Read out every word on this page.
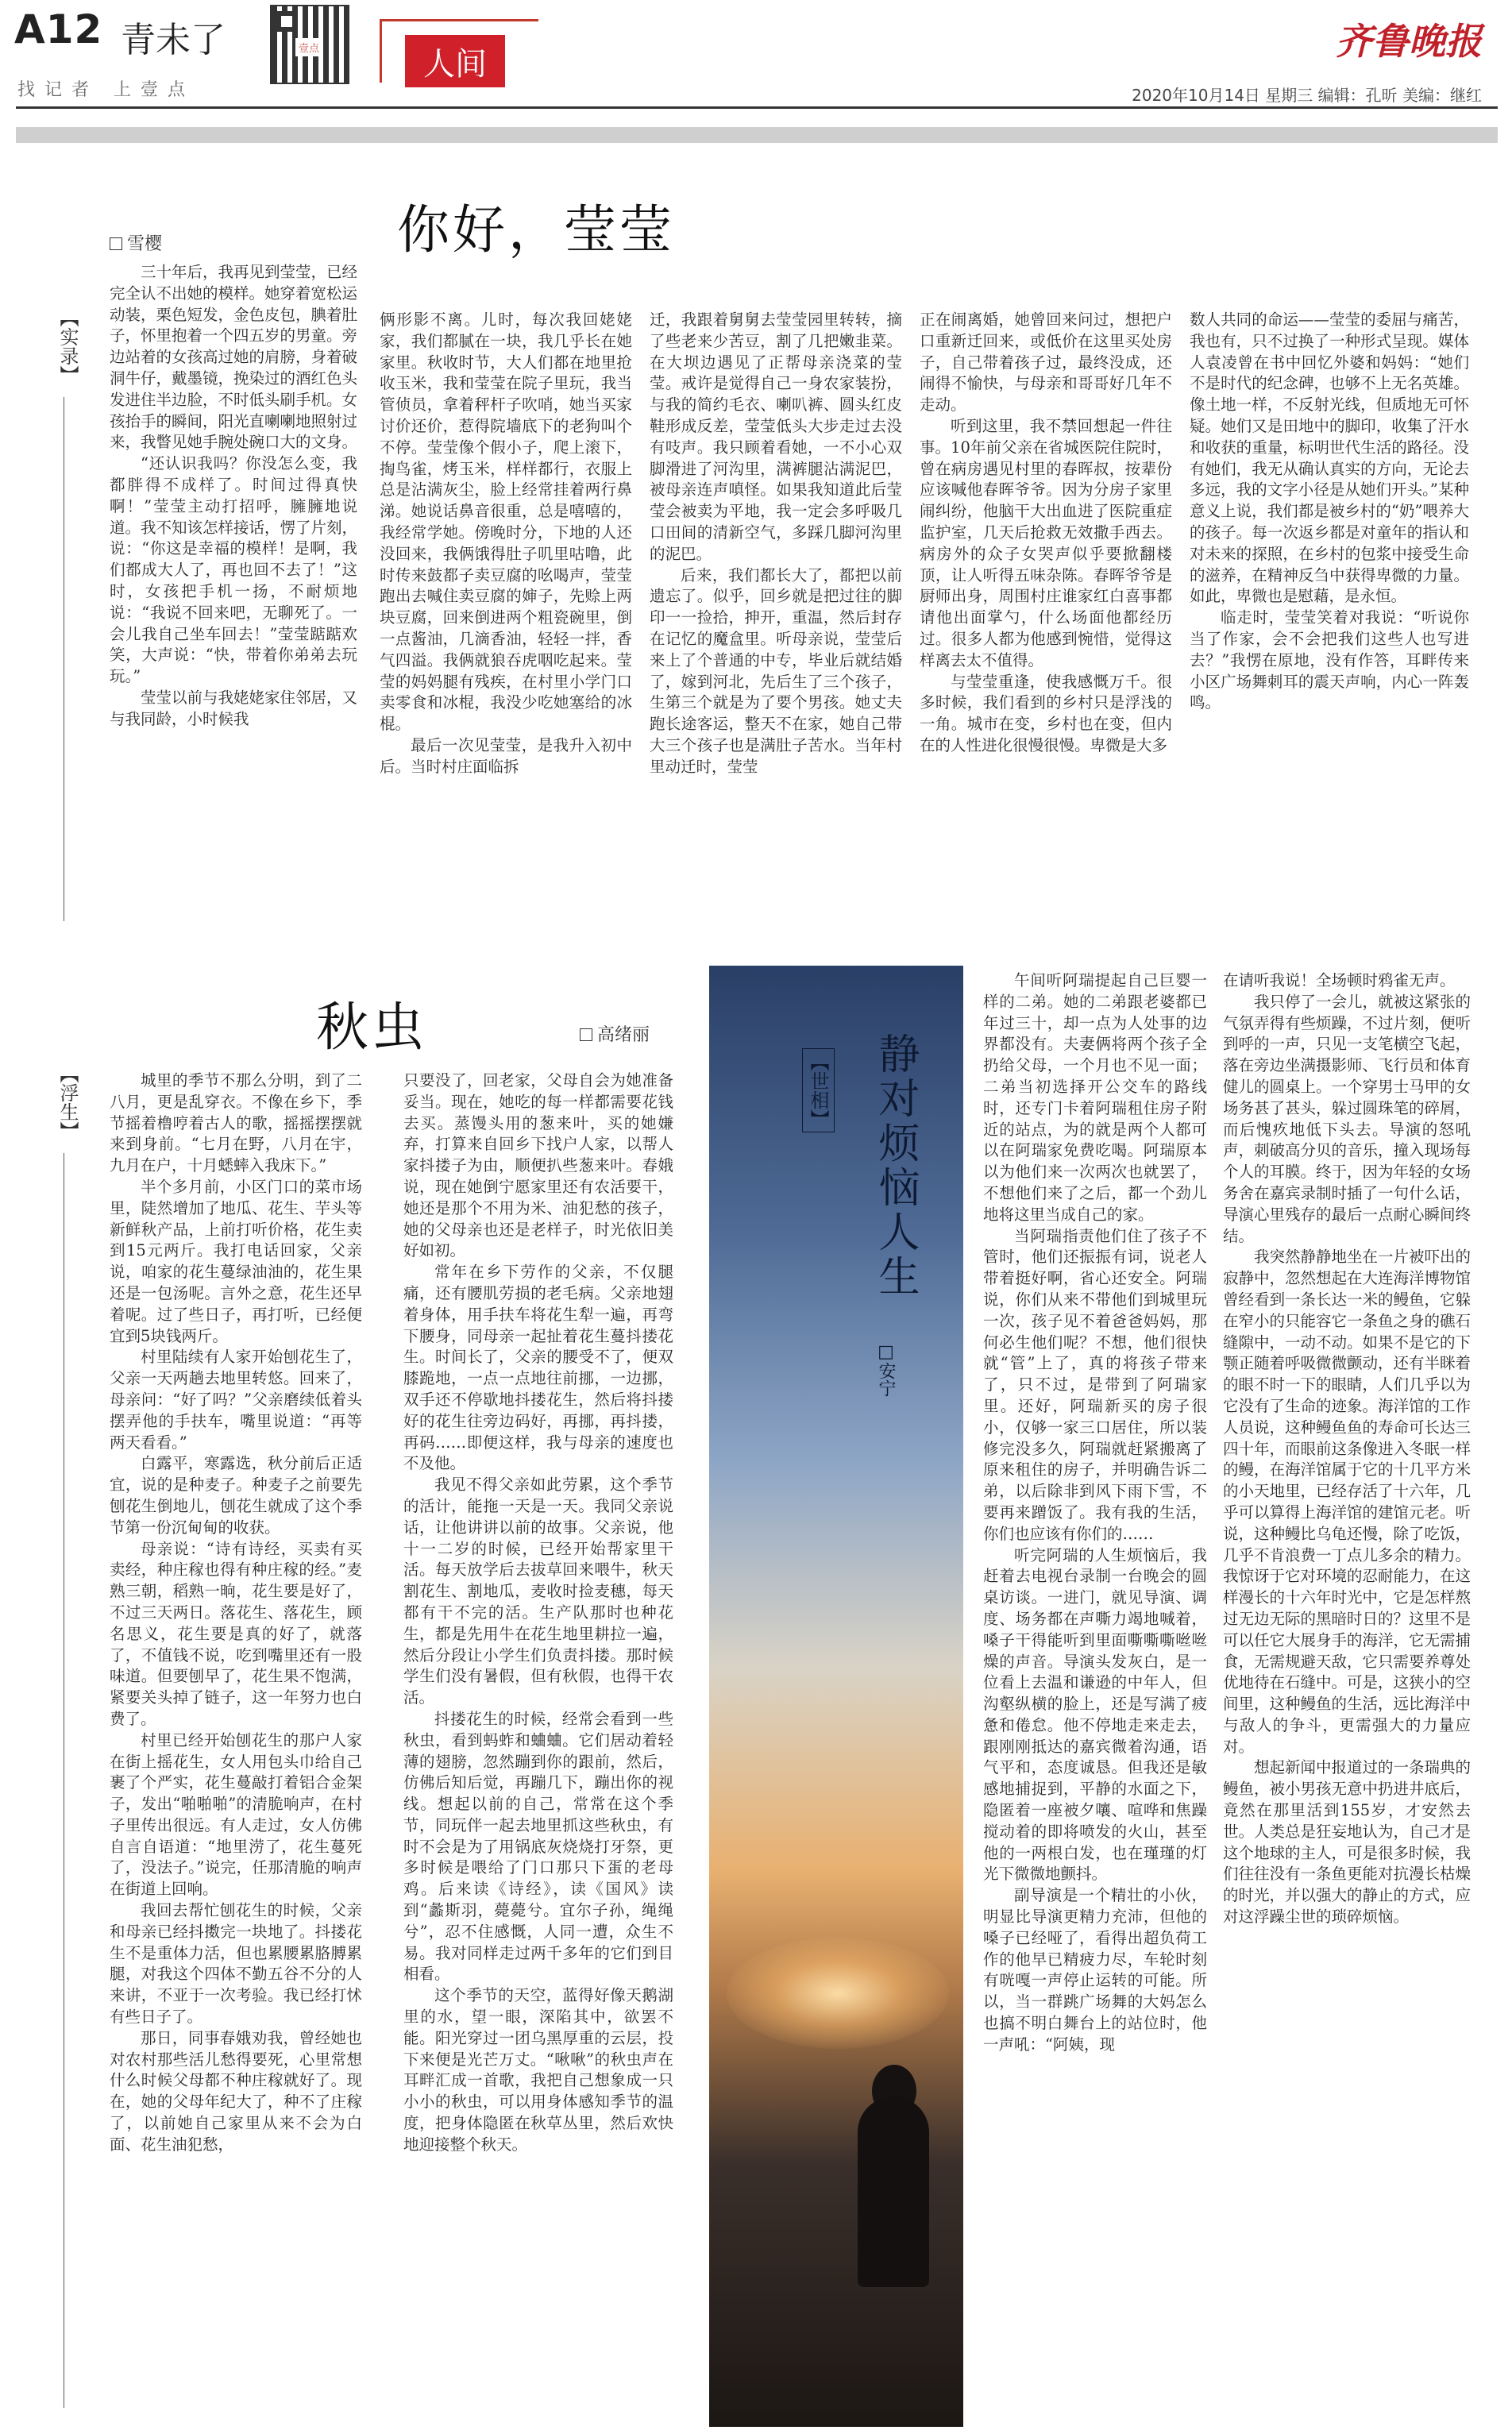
A12 青未了
找记者 上壹点
壹点	人间
齐鲁晚报
2020年10月14日 星期三 编辑：孔昕 美编：继红
你好，莹莹
雪樱
【实录】

三十年后，我再见到莹莹，已经完全认不出她的模样。她穿着宽松运动装，栗色短发，金色皮包，腆着肚子，怀里抱着一个四五岁的男童。旁边站着的女孩高过她的肩膀，身着破洞牛仔，戴墨镜，挽染过的酒红色头发进住半边脸，不时低头刷手机。女孩抬手的瞬间，阳光直喇喇地照射过来，我瞥见她手腕处碗口大的文身。

“还认识我吗？你没怎么变，我都胖得不成样了。时间过得真快啊！”莹莹主动打招呼，臃臃地说道。我不知该怎样接话，愣了片刻，说：“你这是幸福的模样！是啊，我们都成大人了，再也回不去了！”这时，女孩把手机一扬，不耐烦地说：“我说不回来吧，无聊死了。一会儿我自己坐车回去！”莹莹踮踮欢笑，大声说：“快，带着你弟弟去玩玩。”

莹莹以前与我姥姥家住邻居，又与我同龄，小时候我

俩形影不离。儿时，每次我回姥姥家，我们都腻在一块，我几乎长在她家里。秋收时节，大人们都在地里抢收玉米，我和莹莹在院子里玩，我当管侦员，拿着秤杆子吹哨，她当买家讨价还价，惹得院墙底下的老狗叫个不停。莹莹像个假小子，爬上滚下，掏鸟雀，烤玉米，样样都行，衣服上总是沾满灰尘，脸上经常挂着两行鼻涕。她说话鼻音很重，总是嘻嘻的，我经常学她。傍晚时分，下地的人还没回来，我俩饿得肚子叽里咕噜，此时传来鼓都子卖豆腐的吆喝声，莹莹跑出去喊住卖豆腐的婶子，先赊上两块豆腐，回来倒进两个粗瓷碗里，倒一点酱油，几滴香油，轻轻一拌，香气四溢。我俩就狼吞虎咽吃起来。莹莹的妈妈腿有残疾，在村里小学门口卖零食和冰棍，我没少吃她塞给的冰棍。

最后一次见莹莹，是我升入初中后。当时村庄面临拆

迁，我跟着舅舅去莹莹园里转转，摘了些老来少苦豆，割了几把嫩韭菜。在大坝边遇见了正帮母亲浇菜的莹莹。戒许是觉得自己一身农家装扮，与我的简约毛衣、喇叭裤、圆头红皮鞋形成反差，莹莹低头大步走过去没有吱声。我只顾着看她，一不小心双脚滑进了河沟里，满裤腿沾满泥巴，被母亲连声嗔怪。如果我知道此后莹莹会被卖为平地，我一定会多呼吸几口田间的清新空气，多踩几脚河沟里的泥巴。

后来，我们都长大了，都把以前遗忘了。似乎，回乡就是把过往的脚印一一捡拾，抻开，重温，然后封存在记忆的魔盒里。听母亲说，莹莹后来上了个普通的中专，毕业后就结婚了，嫁到河北，先后生了三个孩子，生第三个就是为了要个男孩。她丈夫跑长途客运，整天不在家，她自己带大三个孩子也是满肚子苦水。当年村里动迁时，莹莹

正在闹离婚，她曾回来问过，想把户口重新迁回来，或低价在这里买处房子，自己带着孩子过，最终没成，还闹得不愉快，与母亲和哥哥好几年不走动。

听到这里，我不禁回想起一件往事。10年前父亲在省城医院住院时，曾在病房遇见村里的春晖叔，按辈份应该喊他春晖爷爷。因为分房子家里闹纠纷，他脑干大出血进了医院重症监护室，几天后抢救无效撒手西去。病房外的众子女哭声似乎要掀翻楼顶，让人听得五味杂陈。春晖爷爷是厨师出身，周围村庄谁家红白喜事都请他出面掌勺，什么场面他都经历过。很多人都为他感到惋惜，觉得这样离去太不值得。

与莹莹重逢，使我感慨万千。很多时候，我们看到的乡村只是浮浅的一角。城市在变，乡村也在变，但内在的人性进化很慢很慢。卑微是大多

数人共同的命运——莹莹的委屈与痛苦，我也有，只不过换了一种形式呈现。媒体人袁凌曾在书中回忆外婆和妈妈：“她们不是时代的纪念碑，也够不上无名英雄。像土地一样，不反射光线，但质地无可怀疑。她们又是田地中的脚印，收集了汗水和收获的重量，标明世代生活的路径。没有她们，我无从确认真实的方向，无论去多远，我的文字小径是从她们开头。”某种意义上说，我们都是被乡村的“奶”喂养大的孩子。每一次返乡都是对童年的指认和对未来的探照，在乡村的包浆中接受生命的滋养，在精神反刍中获得卑微的力量。如此，卑微也是慰藉，是永恒。

临走时，莹莹笑着对我说：“听说你当了作家，会不会把我们这些人也写进去？”我愣在原地，没有作答，耳畔传来小区广场舞刺耳的震天声响，内心一阵轰鸣。

秋虫	高绪丽
【浮生】	城里的季节不那么分明，到了二八月，更是乱穿衣。不像在乡下，季节摇着橹哼着古人的歌，摇摇摆摆就来到身前。“七月在野，八月在宇，九月在户，十月蟋蟀入我床下。”

半个多月前，小区门口的菜市场里，陡然增加了地瓜、花生、芋头等新鲜秋产品，上前打听价格，花生卖到15元两斤。我打电话回家，父亲说，咱家的花生蔓绿油油的，花生果还是一包汤呢。言外之意，花生还早着呢。过了些日子，再打听，已经便宜到5块钱两斤。

村里陆续有人家开始刨花生了，父亲一天两趟去地里转悠。回来了，母亲问：“好了吗？”父亲磨续低着头摆弄他的手扶车，嘴里说道：“再等两天看看。”

白露平，寒露选，秋分前后正适宜，说的是种麦子。种麦子之前要先刨花生倒地儿，刨花生就成了这个季节第一份沉甸甸的收获。

母亲说：“诗有诗经，买卖有买卖经，种庄稼也得有种庄稼的经。”麦熟三朝，稻熟一晌，花生要是好了，不过三天两日。落花生、落花生，顾名思义，花生要是真的好了，就落了，不值钱不说，吃到嘴里还有一股味道。但要刨早了，花生果不饱满，紧要关头掉了链子，这一年努力也白费了。

村里已经开始刨花生的那户人家在街上摇花生，女人用包头巾给自己裹了个严实，花生蔓敲打着铝合金架子，发出“啪啪啪”的清脆响声，在村子里传出很远。有人走过，女人仿佛自言自语道：“地里涝了，花生蔓死了，没法子。”说完，任那清脆的响声在街道上回响。

我回去帮忙刨花生的时候，父亲和母亲已经抖擞完一块地了。抖搂花生不是重体力活，但也累腰累胳膊累腿，对我这个四体不勤五谷不分的人来讲，不亚于一次考验。我已经打怵有些日子了。

那日，同事春娥劝我，曾经她也对农村那些活儿愁得要死，心里常想什么时候父母都不种庄稼就好了。现在，她的父母年纪大了，种不了庄稼了，以前她自己家里从来不会为白面、花生油犯愁，

只要没了，回老家，父母自会为她准备妥当。现在，她吃的每一样都需要花钱去买。蒸馒头用的葱来叶，买的她嫌弃，打算来自回乡下找户人家，以帮人家抖搂子为由，顺便扒些葱来叶。春娥说，现在她倒宁愿家里还有农活要干，她还是那个不用为米、油犯愁的孩子，她的父母亲也还是老样子，时光依旧美好如初。

常年在乡下劳作的父亲，不仅腿痛，还有腰肌劳损的老毛病。父亲地翅着身体，用手扶车将花生犁一遍，再弯下腰身，同母亲一起扯着花生蔓抖搂花生。时间长了，父亲的腰受不了，便双膝跪地，一点一点地往前挪，一边挪，双手还不停歇地抖搂花生，然后将抖搂好的花生往旁边码好，再挪，再抖搂，再码……即便这样，我与母亲的速度也不及他。

我见不得父亲如此劳累，这个季节的活计，能拖一天是一天。我同父亲说话，让他讲讲以前的故事。父亲说，他十一二岁的时候，已经开始帮家里干活。每天放学后去拔草回来喂牛，秋天割花生、割地瓜，麦收时捡麦穗，每天都有干不完的活。生产队那时也种花生，都是先用牛在花生地里耕拉一遍，然后分段让小学生们负责抖搂。那时候学生们没有暑假，但有秋假，也得干农活。

抖搂花生的时候，经常会看到一些秋虫，看到蚂蚱和蛐蛐。它们居动着轻薄的翅膀，忽然蹦到你的跟前，然后，仿佛后知后觉，再蹦几下，蹦出你的视线。想起以前的自己，常常在这个季节，同玩伴一起去地里抓这些秋虫，有时不会是为了用锅底灰烧烧打牙祭，更多时候是喂给了门口那只下蛋的老母鸡。后来读《诗经》，读《国风》读到“蠡斯羽，薨薨兮。宜尔子孙，绳绳兮”，忍不住感慨，人同一遭，众生不易。我对同样走过两千多年的它们到目相看。

这个季节的天空，蓝得好像天鹅湖里的水，望一眼，深陷其中，欲罢不能。阳光穿过一团乌黑厚重的云层，投下来便是光芒万丈。“啾啾”的秋虫声在耳畔汇成一首歌，我把自己想象成一只小小的秋虫，可以用身体感知季节的温度，把身体隐匿在秋草丛里，然后欢快地迎接整个秋天。

【世相】 静对烦恼人生
□安宁

午间听阿瑞提起自己巨婴一样的二弟。她的二弟跟老婆都已年过三十，却一点为人处事的边界都没有。夫妻俩将两个孩子全扔给父母，一个月也不见一面；二弟当初选择开公交车的路线时，还专门卡着阿瑞租住房子附近的站点，为的就是两个人都可以在阿瑞家免费吃喝。阿瑞原本以为他们来一次两次也就罢了，不想他们来了之后，都一个劲儿地将这里当成自己的家。

当阿瑞指责他们住了孩子不管时，他们还振振有词，说老人带着挺好啊，省心还安全。阿瑞说，你们从来不带他们到城里玩一次，孩子见不着爸爸妈妈，那何必生他们呢？不想，他们很快就“管”上了，真的将孩子带来了，只不过，是带到了阿瑞家里。还好，阿瑞新买的房子很小，仅够一家三口居住，所以装修完没多久，阿瑞就赶紧搬离了原来租住的房子，并明确告诉二弟，以后除非到风下雨下雪，不要再来蹭饭了。我有我的生活，你们也应该有你们的……

听完阿瑞的人生烦恼后，我赶着去电视台录制一台晚会的圆桌访谈。一进门，就见导演、调度、场务都在声嘶力竭地喊着，嗓子干得能听到里面嘶嘶嘶咝咝燥的声音。导演头发灰白，是一位看上去温和谦逊的中年人，但沟壑纵横的脸上，还是写满了疲惫和倦怠。他不停地走来走去，跟刚刚抵达的嘉宾微着沟通，语气平和，态度诚恳。但我还是敏感地捕捉到，平静的水面之下，隐匿着一座被夕嚷、喧哗和焦躁搅动着的即将喷发的火山，甚至他的一两根白发，也在瑾瑾的灯光下微微地颤抖。

副导演是一个精壮的小伙，明显比导演更精力充沛，但他的嗓子已经哑了，看得出超负荷工作的他早已精疲力尽，车轮时刻有咣嘎一声停止运转的可能。所以，当一群跳广场舞的大妈怎么也搞不明白舞台上的站位时，他一声吼：“阿姨，现

在请听我说！全场顿时鸦雀无声。

我只停了一会儿，就被这紧张的气氛弄得有些烦躁，不过片刻，便听到呼的一声，只见一支笔横空飞起，落在旁边坐满摄影师、飞行员和体育健儿的圆桌上。一个穿男士马甲的女场务甚了甚头，躲过圆珠笔的碎屑，而后愧疚地低下头去。导演的怒吼声，刺破高分贝的音乐，撞入现场每个人的耳膜。终于，因为年轻的女场务舍在嘉宾录制时插了一句什么话，导演心里残存的最后一点耐心瞬间终结。

我突然静静地坐在一片被吓出的寂静中，忽然想起在大连海洋博物馆曾经看到一条长达一米的鳗鱼，它躲在窄小的只能容它一条鱼之身的礁石缝隙中，一动不动。如果不是它的下颚正随着呼吸微微颤动，还有半眯着的眼不时一下的眼睛，人们几乎以为它没有了生命的迹象。海洋馆的工作人员说，这种鳗鱼鱼的寿命可长达三四十年，而眼前这条像进入冬眠一样的鳗，在海洋馆属于它的十几平方米的小天地里，已经存活了十六年，几乎可以算得上海洋馆的建馆元老。听说，这种鳗比乌龟还慢，除了吃饭，几乎不肯浪费一丁点儿多余的精力。我惊讶于它对环境的忍耐能力，在这样漫长的十六年时光中，它是怎样熬过无边无际的黑暗时日的？这里不是可以任它大展身手的海洋，它无需捕食，无需规避天敌，它只需要养尊处优地待在石缝中。可是，这狭小的空间里，这种鳗鱼的生活，远比海洋中与敌人的争斗，更需强大的力量应对。

想起新闻中报道过的一条瑞典的鳗鱼，被小男孩无意中扔进井底后，竟然在那里活到155岁，才安然去世。人类总是狂妄地认为，自己才是这个地球的主人，可是很多时候，我们往往没有一条鱼更能对抗漫长枯燥的时光，并以强大的静止的方式，应对这浮躁尘世的琐碎烦恼。
